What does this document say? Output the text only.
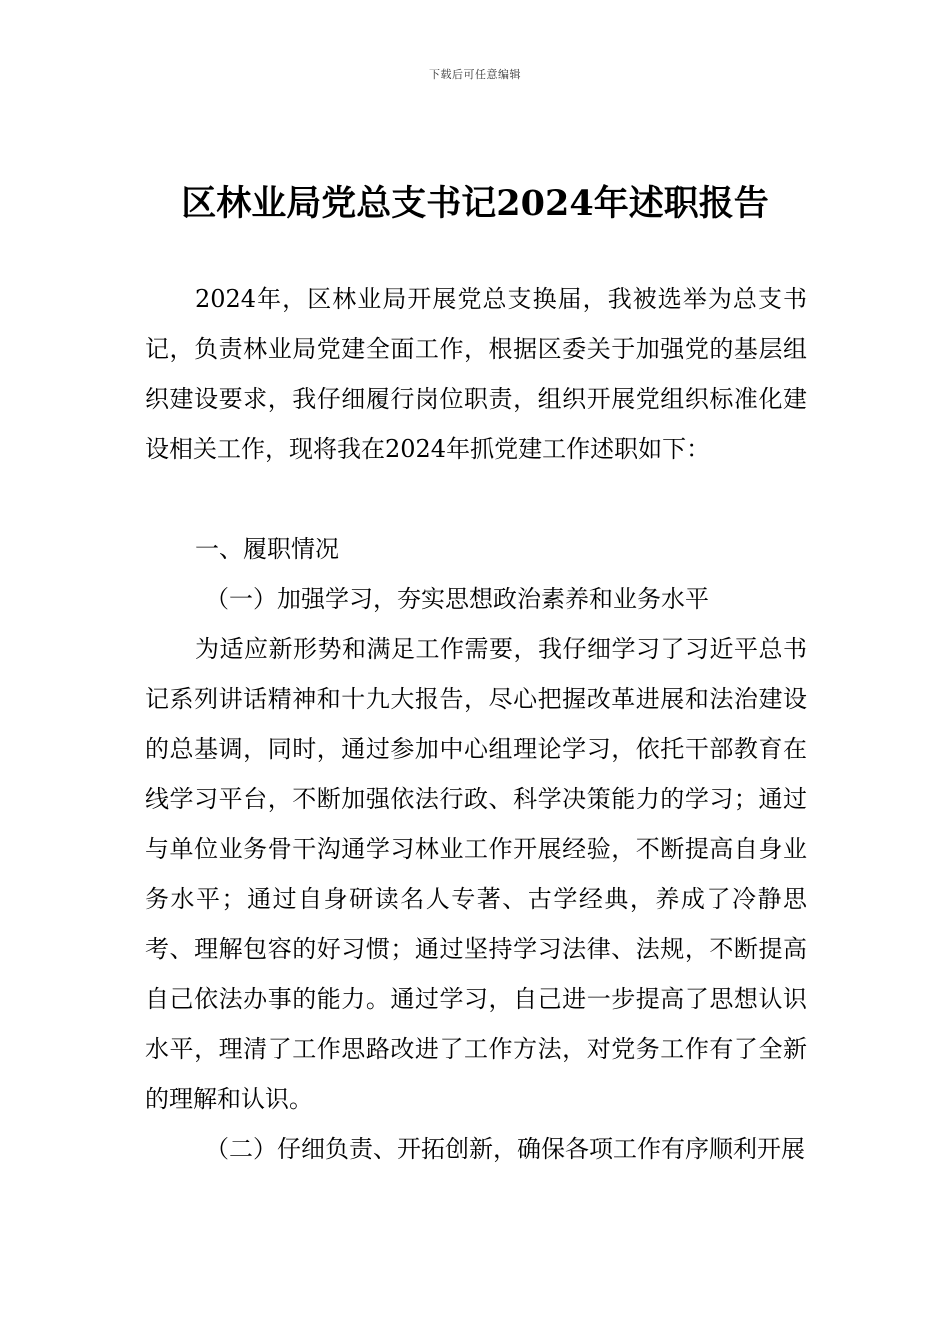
下载后可任意编辑
区林业局党总支书记2024年述职报告

2024年，区林业局开展党总支换届，我被选举为总支书记，负责林业局党建全面工作，根据区委关于加强党的基层组织建设要求，我仔细履行岗位职责，组织开展党组织标准化建设相关工作，现将我在2024年抓党建工作述职如下：

一、履职情况

（一）加强学习，夯实思想政治素养和业务水平

为适应新形势和满足工作需要，我仔细学习了习近平总书记系列讲话精神和十九大报告，尽心把握改革进展和法治建设的总基调，同时，通过参加中心组理论学习，依托干部教育在线学习平台，不断加强依法行政、科学决策能力的学习；通过与单位业务骨干沟通学习林业工作开展经验，不断提高自身业务水平；通过自身研读名人专著、古学经典，养成了冷静思考、理解包容的好习惯；通过坚持学习法律、法规，不断提高自己依法办事的能力。通过学习，自己进一步提高了思想认识水平，理清了工作思路改进了工作方法，对党务工作有了全新的理解和认识。

（二）仔细负责、开拓创新，确保各项工作有序顺利开展
